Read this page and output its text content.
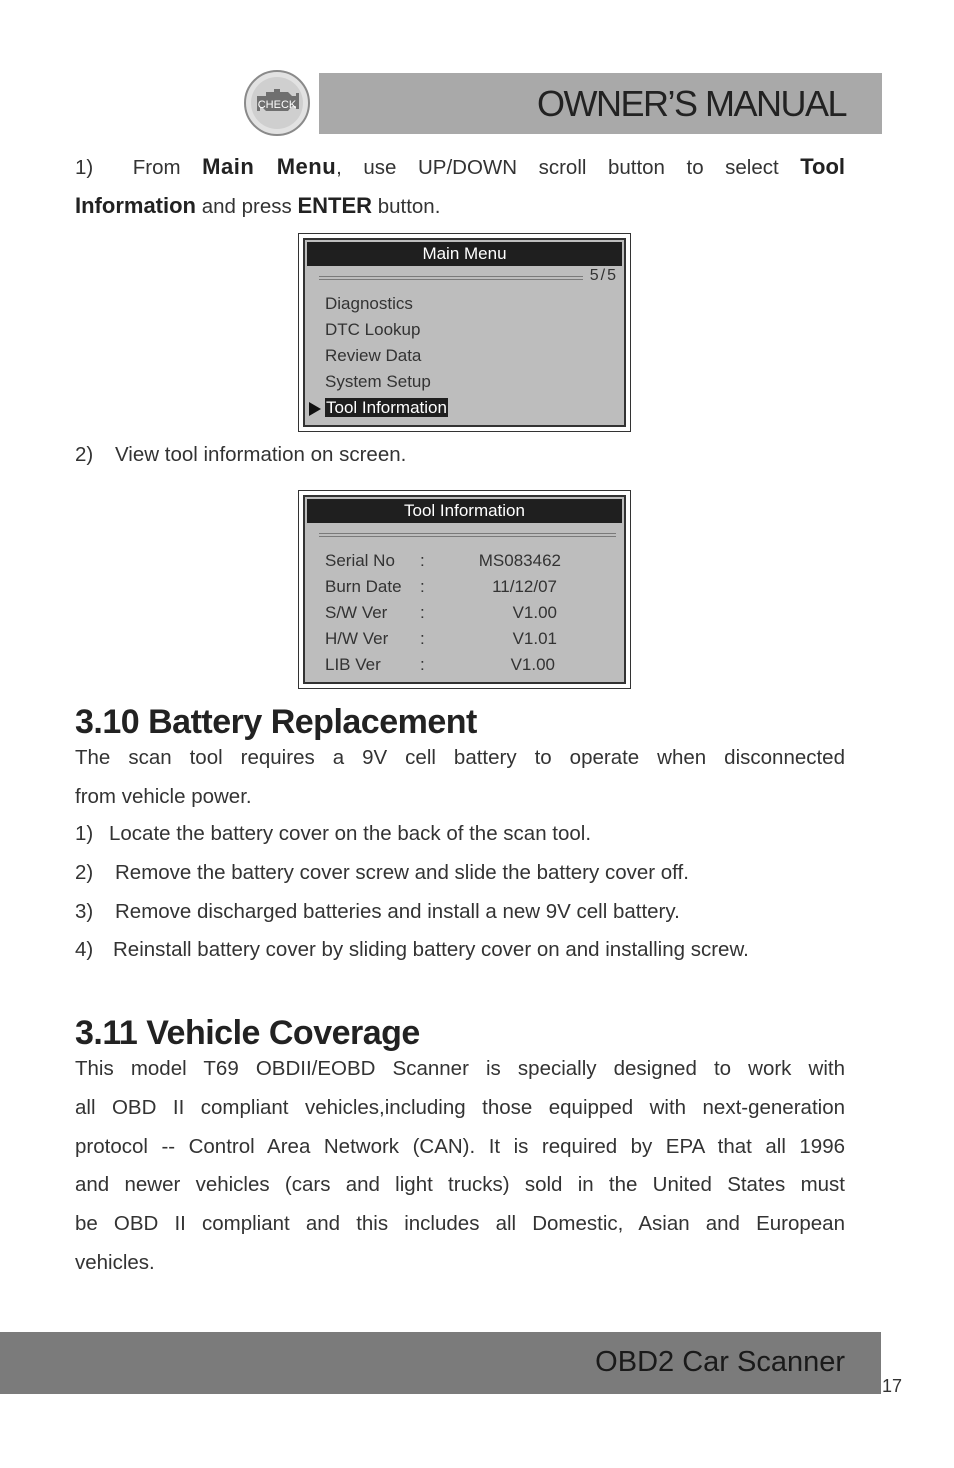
CHECK	OWNER’S MANUAL
1) From Main Menu, use UP/DOWN scroll button to select Tool
Information and press ENTER button.
Main Menu
5/5
Diagnostics
DTC Lookup
Review Data
System Setup
Tool Information
2) View tool information on screen.
Tool Information
Serial No :	MS083462
Burn Date :	11/12/07
S/W Ver :	V1.00
H/W Ver :	V1.01
LIB Ver :	V1.00
3.10 Battery Replacement
The scan tool requires a 9V cell battery to operate when disconnected
from vehicle power.
1) Locate the battery cover on the back of the scan tool.
2) Remove the battery cover screw and slide the battery cover off.
3) Remove discharged batteries and install a new 9V cell battery.
4) Reinstall battery cover by sliding battery cover on and installing screw.
3.11 Vehicle Coverage
This model T69 OBDII/EOBD Scanner is specially designed to work with
all OBD II compliant vehicles,including those equipped with next-generation
protocol -- Control Area Network (CAN). It is required by EPA that all 1996
and newer vehicles (cars and light trucks) sold in the United States must
be OBD II compliant and this includes all Domestic, Asian and European
vehicles.
OBD2 Car Scanner
17
